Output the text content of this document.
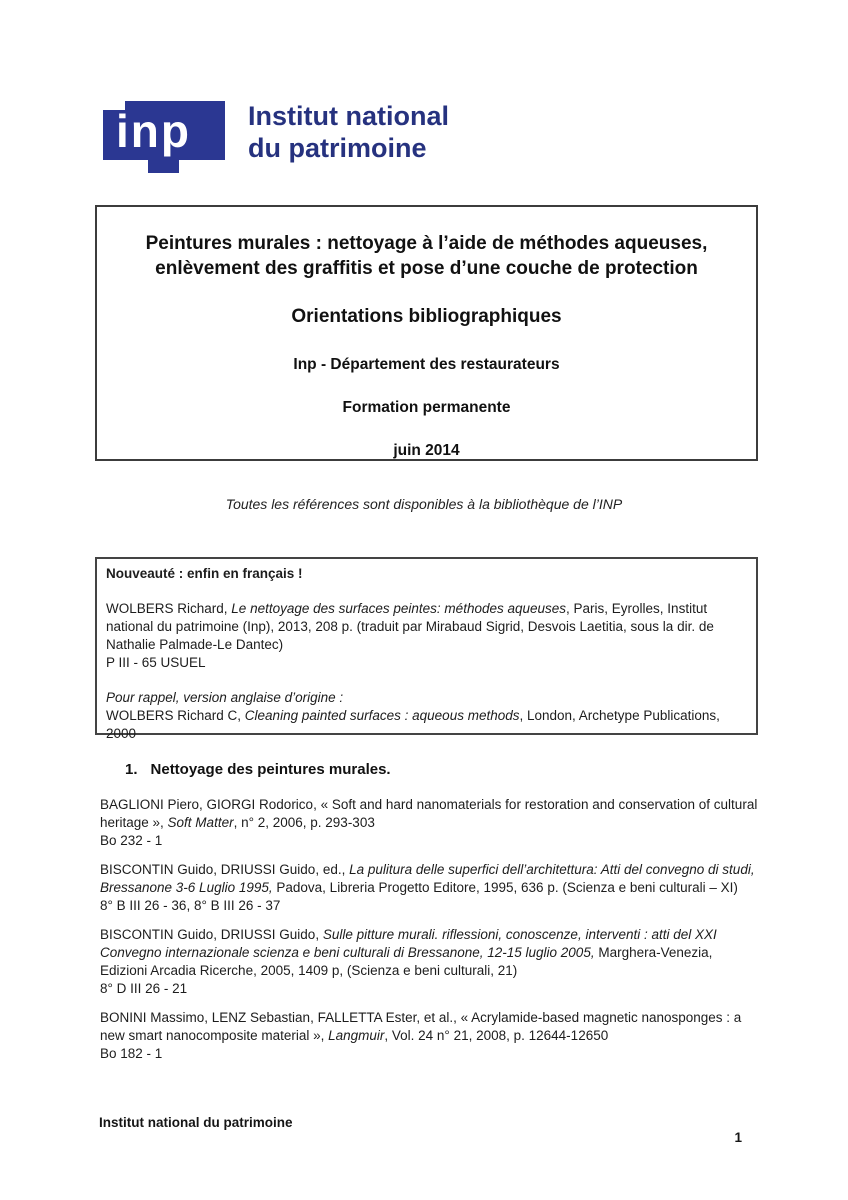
inp Institut national
du patrimoine
Peintures murales : nettoyage à l’aide de méthodes aqueuses,
enlèvement des graffitis et pose d’une couche de protection
Orientations bibliographiques
Inp - Département des restaurateurs
Formation permanente
juin 2014
Toutes les références sont disponibles à la bibliothèque de l’INP
Nouveauté : enfin en français !
WOLBERS Richard, Le nettoyage des surfaces peintes: méthodes aqueuses, Paris, Eyrolles, Institut national du patrimoine (Inp), 2013, 208 p. (traduit par Mirabaud Sigrid, Desvois Laetitia, sous la dir. de Nathalie Palmade-Le Dantec)
P III - 65 USUEL
Pour rappel, version anglaise d’origine :
WOLBERS Richard C, Cleaning painted surfaces : aqueous methods, London, Archetype Publications, 2000
1. Nettoyage des peintures murales.
BAGLIONI Piero, GIORGI Rodorico, « Soft and hard nanomaterials for restoration and conservation of cultural heritage », Soft Matter, n° 2, 2006, p. 293-303
Bo 232 - 1
BISCONTIN Guido, DRIUSSI Guido, ed., La pulitura delle superfici dell’architettura: Atti del convegno di studi, Bressanone 3-6 Luglio 1995, Padova, Libreria Progetto Editore, 1995, 636 p. (Scienza e beni culturali – XI)
8° B III 26 - 36, 8° B III 26 - 37
BISCONTIN Guido, DRIUSSI Guido, Sulle pitture murali. riflessioni, conoscenze, interventi : atti del XXI Convegno internazionale scienza e beni culturali di Bressanone, 12-15 luglio 2005, Marghera-Venezia, Edizioni Arcadia Ricerche, 2005, 1409 p, (Scienza e beni culturali, 21)
8° D III 26 - 21
BONINI Massimo, LENZ Sebastian, FALLETTA Ester, et al., « Acrylamide-based magnetic nanosponges : a new smart nanocomposite material », Langmuir, Vol. 24 n° 21, 2008, p. 12644-12650
Bo 182 - 1
Institut national du patrimoine
1
